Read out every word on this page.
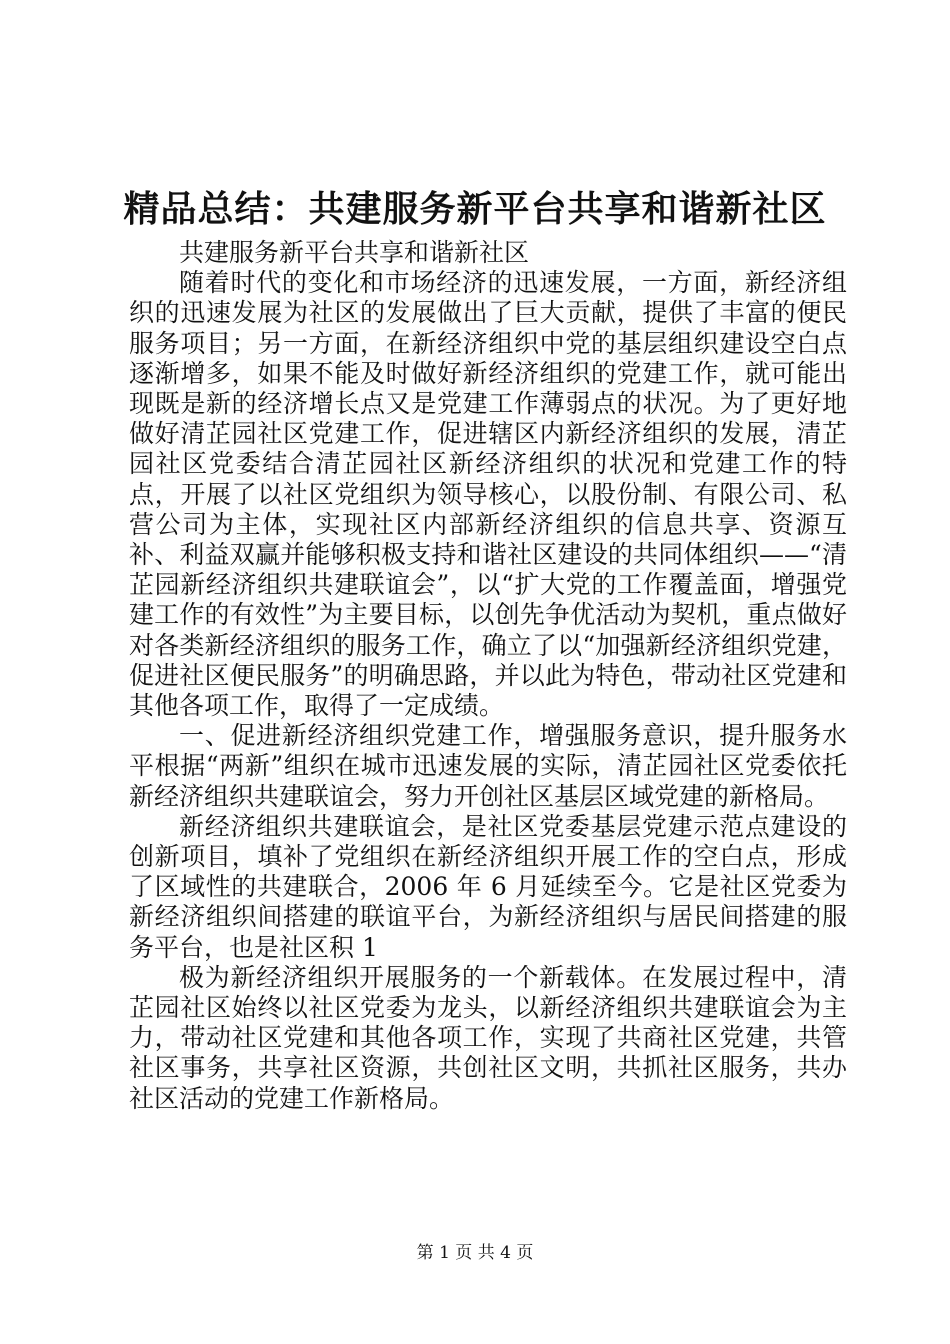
精品总结：共建服务新平台共享和谐新社区

共建服务新平台共享和谐新社区

随着时代的变化和市场经济的迅速发展，一方面，新经济组织的迅速发展为社区的发展做出了巨大贡献，提供了丰富的便民服务项目；另一方面，在新经济组织中党的基层组织建设空白点逐渐增多，如果不能及时做好新经济组织的党建工作，就可能出现既是新的经济增长点又是党建工作薄弱点的状况。为了更好地做好清芷园社区党建工作，促进辖区内新经济组织的发展，清芷园社区党委结合清芷园社区新经济组织的状况和党建工作的特点，开展了以社区党组织为领导核心，以股份制、有限公司、私营公司为主体，实现社区内部新经济组织的信息共享、资源互补、利益双赢并能够积极支持和谐社区建设的共同体组织——“清芷园新经济组织共建联谊会”，以“扩大党的工作覆盖面，增强党建工作的有效性”为主要目标，以创先争优活动为契机，重点做好对各类新经济组织的服务工作，确立了以“加强新经济组织党建，促进社区便民服务”的明确思路，并以此为特色，带动社区党建和其他各项工作，取得了一定成绩。

一、促进新经济组织党建工作，增强服务意识，提升服务水平根据“两新”组织在城市迅速发展的实际，清芷园社区党委依托新经济组织共建联谊会，努力开创社区基层区域党建的新格局。

新经济组织共建联谊会，是社区党委基层党建示范点建设的创新项目，填补了党组织在新经济组织开展工作的空白点，形成了区域性的共建联合，2006 年 6 月延续至今。它是社区党委为新经济组织间搭建的联谊平台，为新经济组织与居民间搭建的服务平台，也是社区积 1

极为新经济组织开展服务的一个新载体。在发展过程中，清芷园社区始终以社区党委为龙头，以新经济组织共建联谊会为主力，带动社区党建和其他各项工作，实现了共商社区党建，共管社区事务，共享社区资源，共创社区文明，共抓社区服务，共办社区活动的党建工作新格局。

第 1 页 共 4 页
